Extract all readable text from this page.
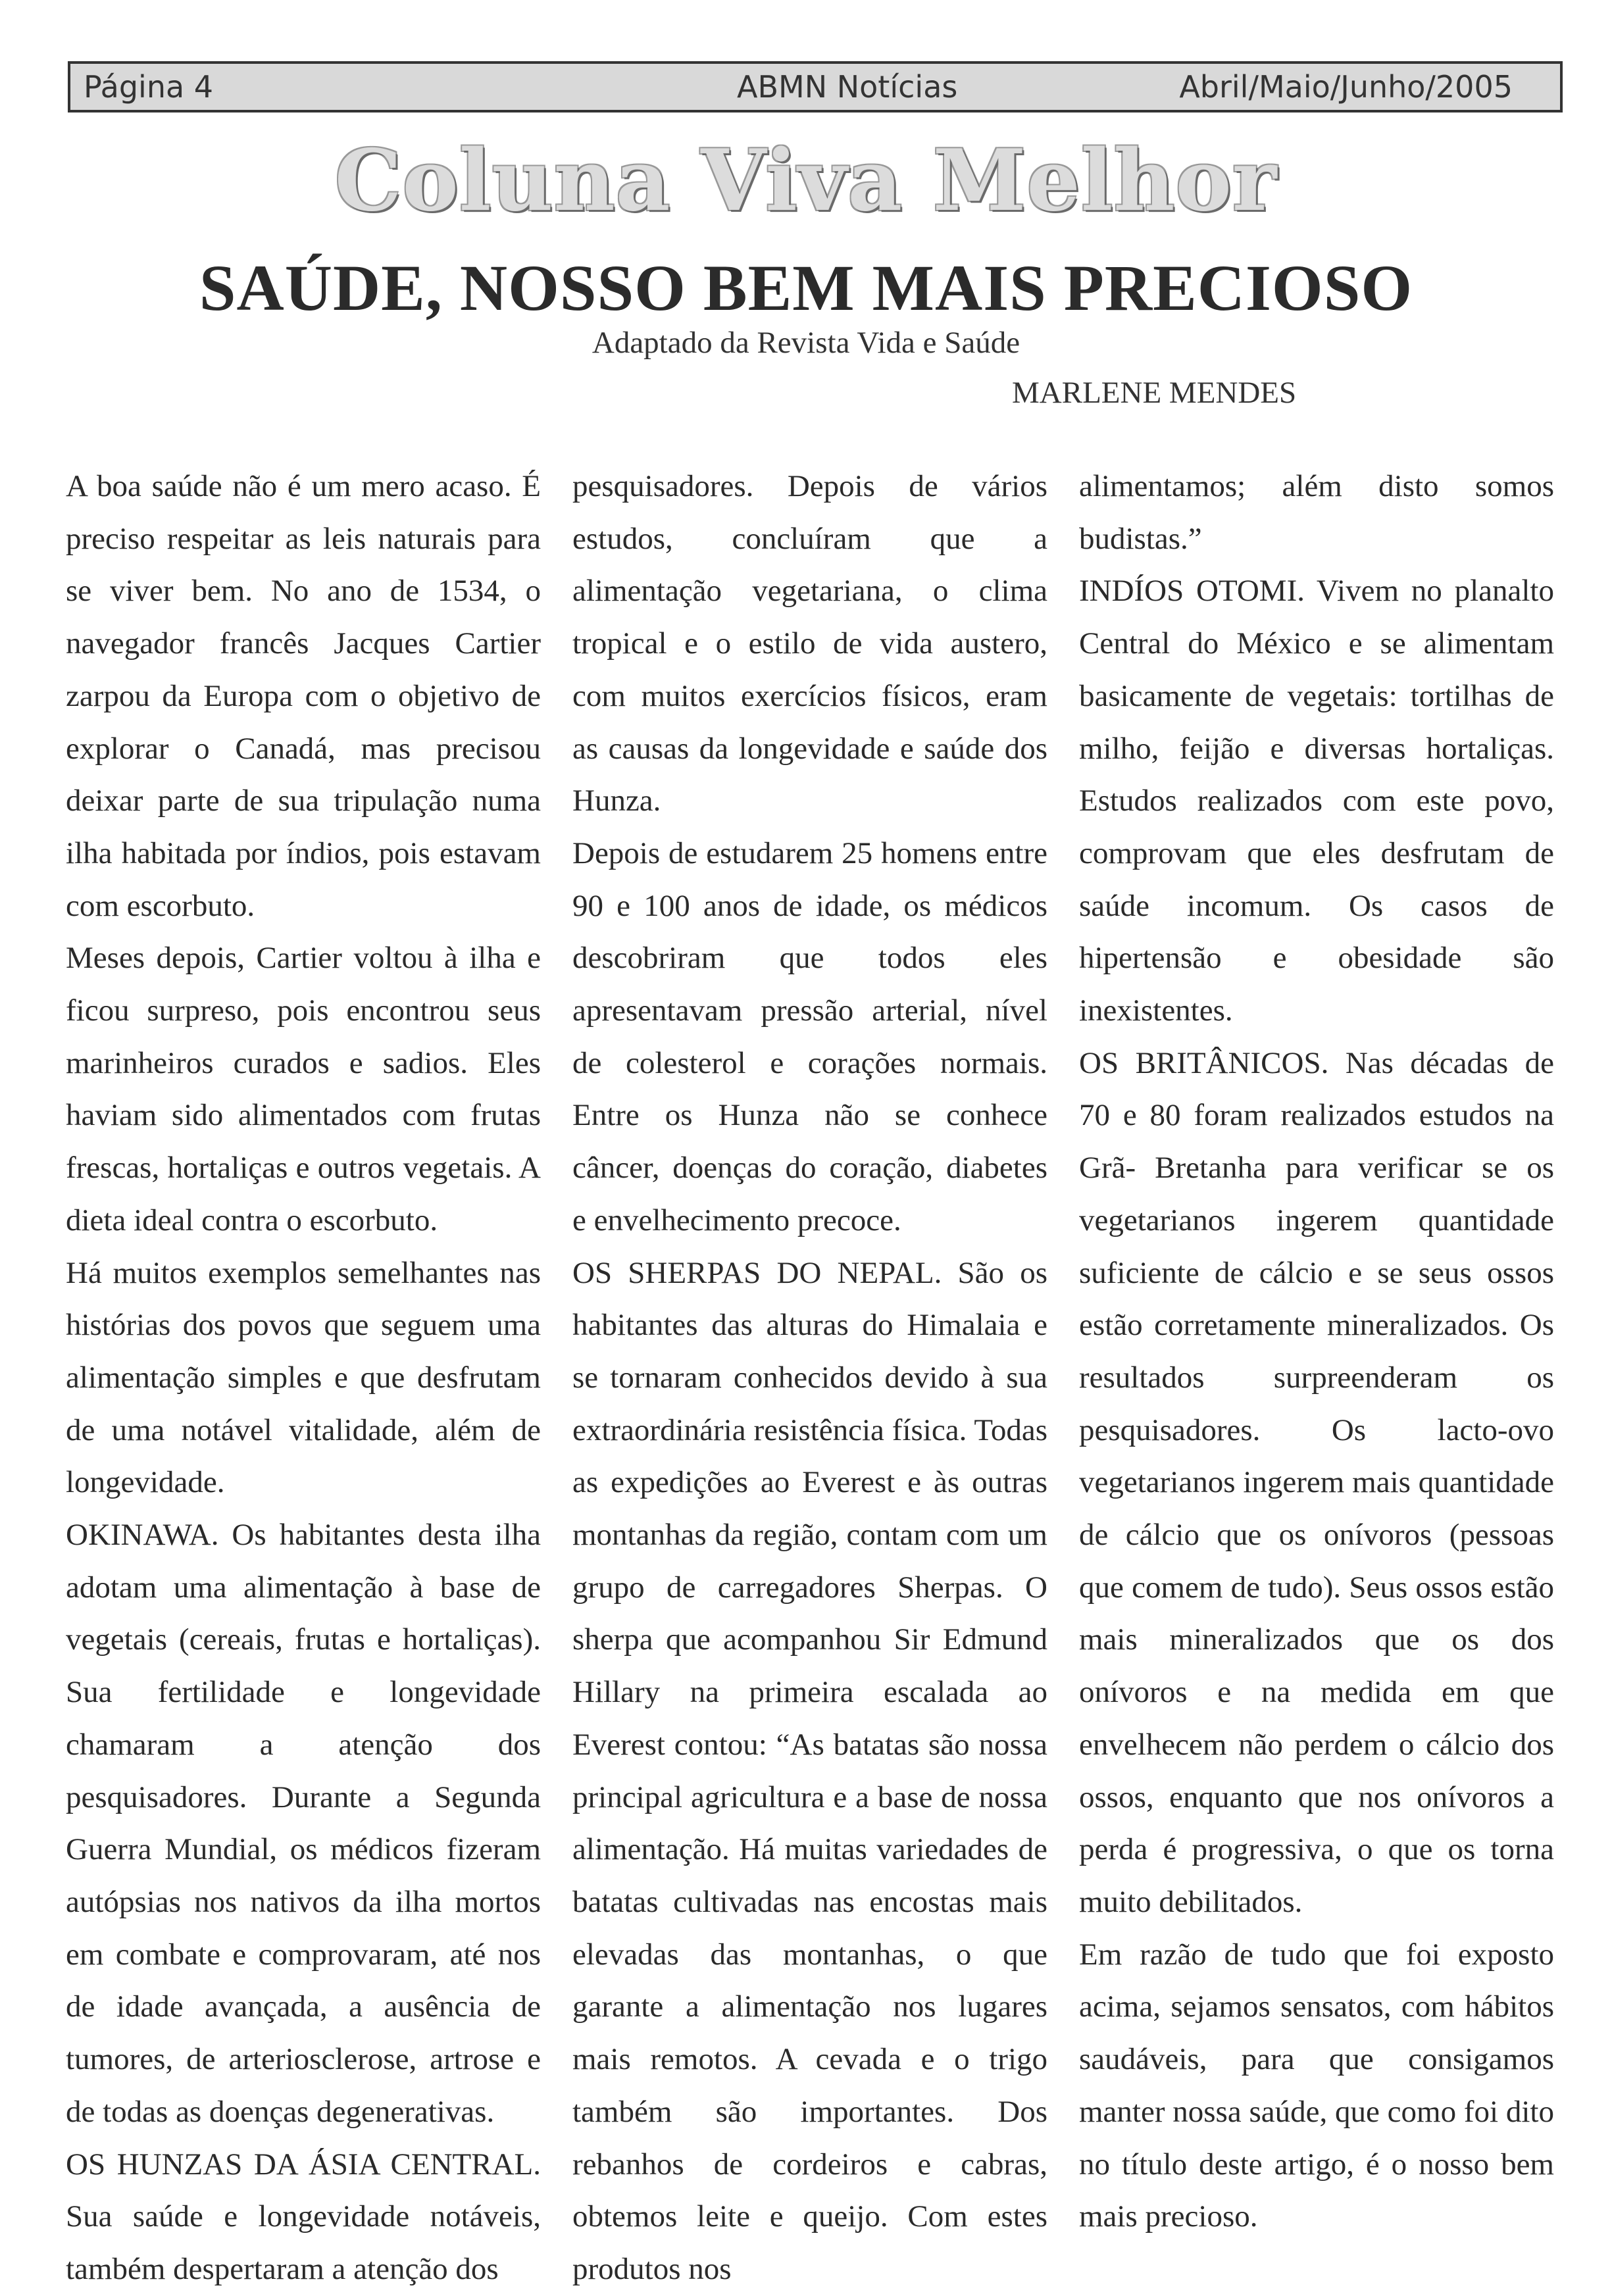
Página 4	ABMN Notícias	Abril/Maio/Junho/2005
Coluna Viva Melhor
SAÚDE, NOSSO BEM MAIS PRECIOSO
Adaptado da Revista Vida e Saúde
MARLENE MENDES

A boa saúde não é um mero acaso. É preciso respeitar as leis naturais para se viver bem. No ano de 1534, o navegador francês Jacques Cartier zarpou da Europa com o objetivo de explorar o Canadá, mas precisou deixar parte de sua tripulação numa ilha habitada por índios, pois estavam com escorbuto.

Meses depois, Cartier voltou à ilha e ficou surpreso, pois encontrou seus marinheiros curados e sadios. Eles haviam sido alimentados com frutas frescas, hortaliças e outros vegetais. A dieta ideal contra o escorbuto.

Há muitos exemplos semelhantes nas histórias dos povos que seguem uma alimentação simples e que desfrutam de uma notável vitalidade, além de longevidade.

OKINAWA. Os habitantes desta ilha adotam uma alimentação à base de vegetais (cereais, frutas e hortaliças). Sua fertilidade e longevidade chamaram a atenção dos pesquisadores. Durante a Segunda Guerra Mundial, os médicos fizeram autópsias nos nativos da ilha mortos em combate e comprovaram, até nos de idade avançada, a ausência de tumores, de arteriosclerose, artrose e de todas as doenças degenerativas.

OS HUNZAS DA ÁSIA CENTRAL. Sua saúde e longevidade notáveis, também despertaram a atenção dos

pesquisadores. Depois de vários estudos, concluíram que a alimentação vegetariana, o clima tropical e o estilo de vida austero, com muitos exercícios físicos, eram as causas da longevidade e saúde dos Hunza.

Depois de estudarem 25 homens entre 90 e 100 anos de idade, os médicos descobriram que todos eles apresentavam pressão arterial, nível de colesterol e corações normais. Entre os Hunza não se conhece câncer, doenças do coração, diabetes e envelhecimento precoce.

OS SHERPAS DO NEPAL. São os habitantes das alturas do Himalaia e se tornaram conhecidos devido à sua extraordinária resistência física. Todas as expedições ao Everest e às outras montanhas da região, contam com um grupo de carregadores Sherpas. O sherpa que acompanhou Sir Edmund Hillary na primeira escalada ao Everest contou: “As batatas são nossa principal agricultura e a base de nossa alimentação. Há muitas variedades de batatas cultivadas nas encostas mais elevadas das montanhas, o que garante a alimentação nos lugares mais remotos. A cevada e o trigo também são importantes. Dos rebanhos de cordeiros e cabras, obtemos leite e queijo. Com estes produtos nos

alimentamos; além disto somos budistas.”

INDÍOS OTOMI. Vivem no planalto Central do México e se alimentam basicamente de vegetais: tortilhas de milho, feijão e diversas hortaliças. Estudos realizados com este povo, comprovam que eles desfrutam de saúde incomum. Os casos de hipertensão e obesidade são inexistentes.

OS BRITÂNICOS. Nas décadas de 70 e 80 foram realizados estudos na Grã- Bretanha para verificar se os vegetarianos ingerem quantidade suficiente de cálcio e se seus ossos estão corretamente mineralizados. Os resultados surpreenderam os pesquisadores. Os lacto-ovo vegetarianos ingerem mais quantidade de cálcio que os onívoros (pessoas que comem de tudo). Seus ossos estão mais mineralizados que os dos onívoros e na medida em que envelhecem não perdem o cálcio dos ossos, enquanto que nos onívoros a perda é progressiva, o que os torna muito debilitados.

Em razão de tudo que foi exposto acima, sejamos sensatos, com hábitos saudáveis, para que consigamos manter nossa saúde, que como foi dito no título deste artigo, é o nosso bem mais precioso.
